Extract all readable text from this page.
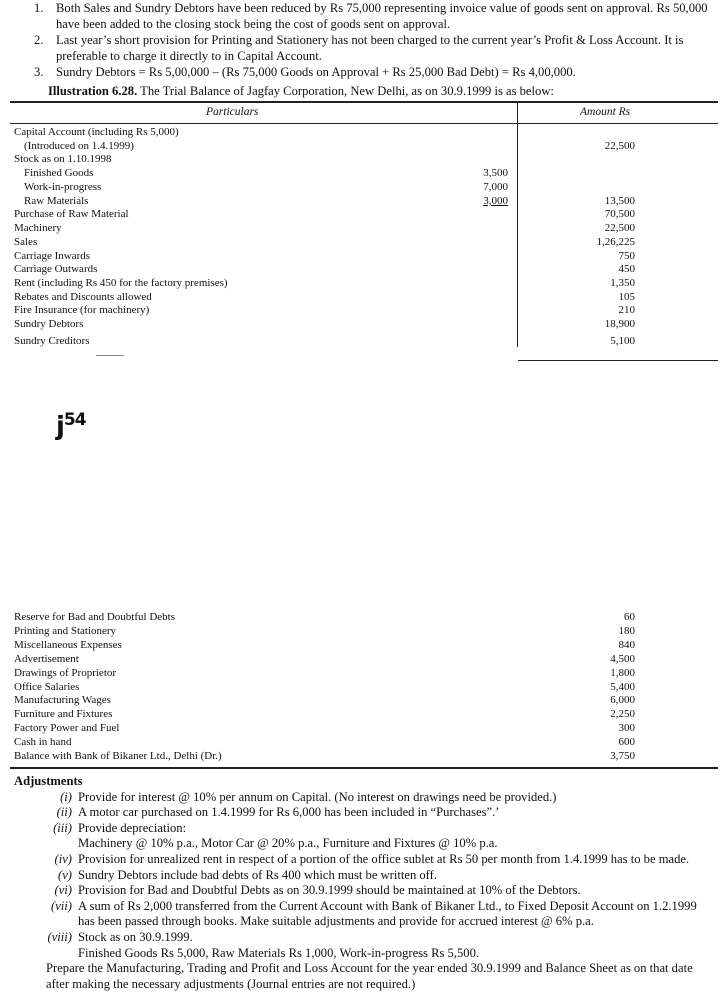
1. Both Sales and Sundry Debtors have been reduced by Rs 75,000 representing invoice value of goods sent on approval. Rs 50,000 have been added to the closing stock being the cost of goods sent on approval.
2. Last year’s short provision for Printing and Stationery has not been charged to the current year’s Profit & Loss Account. It is preferable to charge it directly to in Capital Account.
3. Sundry Debtors = Rs 5,00,000 – (Rs 75,000 Goods on Approval + Rs 25,000 Bad Debt) = Rs 4,00,000.
Illustration 6.28. The Trial Balance of Jagfay Corporation, New Delhi, as on 30.9.1999 is as below:
Particulars	Amount Rs
Capital Account (including Rs 5,000)
(Introduced on 1.4.1999)	22,500
Stock as on 1.10.1998
Finished Goods	3,500
Work-in-progress	7,000
Raw Materials	3,000	13,500
Purchase of Raw Material	70,500
Machinery	22,500
Sales	1,26,225
Carriage Inwards	750
Carriage Outwards	450
Rent (including Rs 450 for the factory premises)	1,350
Rebates and Discounts allowed	105
Fire Insurance (for machinery)	210
Sundry Debtors	18,900
Sundry Creditors	5,100
$j^{54}$
Reserve for Bad and Doubtful Debts	60
Printing and Stationery	180
Miscellaneous Expenses	840
Advertisement	4,500
Drawings of Proprietor	1,800
Office Salaries	5,400
Manufacturing Wages	6,000
Furniture and Fixtures	2,250
Factory Power and Fuel	300
Cash in hand	600
Balance with Bank of Bikaner Ltd., Delhi (Dr.)	3,750
Adjustments
(i) Provide for interest @ 10% per annum on Capital. (No interest on drawings need be provided.)
(ii) A motor car purchased on 1.4.1999 for Rs 6,000 has been included in “Purchases”.’
(iii) Provide depreciation:
Machinery @ 10% p.a., Motor Car @ 20% p.a., Furniture and Fixtures @ 10% p.a.
(iv) Provision for unrealized rent in respect of a portion of the office sublet at Rs 50 per month from 1.4.1999 has to be made.
(v) Sundry Debtors include bad debts of Rs 400 which must be written off.
(vi) Provision for Bad and Doubtful Debts as on 30.9.1999 should be maintained at 10% of the Debtors.
(vii) A sum of Rs 2,000 transferred from the Current Account with Bank of Bikaner Ltd., to Fixed Deposit Account on 1.2.1999 has been passed through books. Make suitable adjustments and provide for accrued interest @ 6% p.a.
(viii) Stock as on 30.9.1999.
Finished Goods Rs 5,000, Raw Materials Rs 1,000, Work-in-progress Rs 5,500.
Prepare the Manufacturing, Trading and Profit and Loss Account for the year ended 30.9.1999 and Balance Sheet as on that date after making the necessary adjustments (Journal entries are not required.)
